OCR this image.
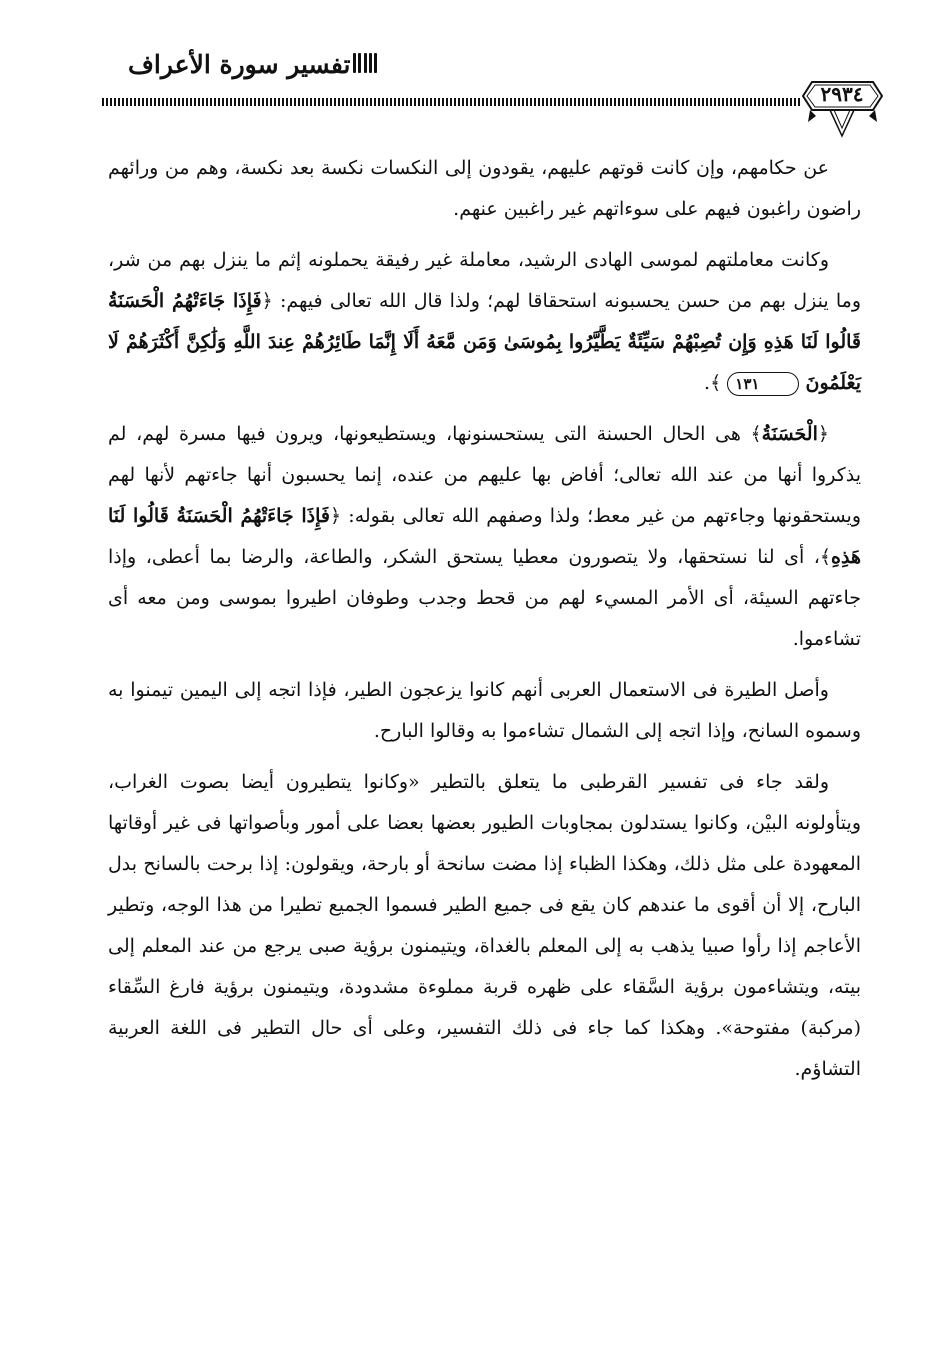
تفسير سورة الأعراف
٢٩٣٤

عن حكامهم، وإن كانت قوتهم عليهم، يقودون إلى النكسات نكسة بعد نكسة، وهم من ورائهم راضون راغبون فيهم على سوءاتهم غير راغبين عنهم.

وكانت معاملتهم لموسى الهادى الرشيد، معاملة غير رفيقة يحملونه إثم ما ينزل بهم من شر، وما ينزل بهم من حسن يحسبونه استحقاقا لهم؛ ولذا قال الله تعالى فيهم: ﴿فَإِذَا جَاءَتْهُمُ الْحَسَنَةُ قَالُوا لَنَا هَذِهِ وَإِن تُصِبْهُمْ سَيِّئَةٌ يَطَّيَّرُوا بِمُوسَىٰ وَمَن مَّعَهُ أَلَا إِنَّمَا طَائِرُهُمْ عِندَ اللَّهِ وَلَٰكِنَّ أَكْثَرَهُمْ لَا يَعْلَمُونَ ١٣١ ﴾.

﴿الْحَسَنَةُ﴾ هى الحال الحسنة التى يستحسنونها، ويستطيعونها، ويرون فيها مسرة لهم، لم يذكروا أنها من عند الله تعالى؛ أفاض بها عليهم من عنده، إنما يحسبون أنها جاءتهم لأنها لهم ويستحقونها وجاءتهم من غير معط؛ ولذا وصفهم الله تعالى بقوله: ﴿فَإِذَا جَاءَتْهُمُ الْحَسَنَةُ قَالُوا لَنَا هَذِهِ﴾، أى لنا نستحقها، ولا يتصورون معطيا يستحق الشكر، والطاعة، والرضا بما أعطى، وإذا جاءتهم السيئة، أى الأمر المسيء لهم من قحط وجدب وطوفان اطيروا بموسى ومن معه أى تشاءموا.

وأصل الطيرة فى الاستعمال العربى أنهم كانوا يزعجون الطير، فإذا اتجه إلى اليمين تيمنوا به وسموه السانح، وإذا اتجه إلى الشمال تشاءموا به وقالوا البارح.

ولقد جاء فى تفسير القرطبى ما يتعلق بالتطير «وكانوا يتطيرون أيضا بصوت الغراب، ويتأولونه البيْن، وكانوا يستدلون بمجاوبات الطيور بعضها بعضا على أمور وبأصواتها فى غير أوقاتها المعهودة على مثل ذلك، وهكذا الظباء إذا مضت سانحة أو بارحة، ويقولون: إذا برحت بالسانح بدل البارح، إلا أن أقوى ما عندهم كان يقع فى جميع الطير فسموا الجميع تطيرا من هذا الوجه، وتطير الأعاجم إذا رأوا صبيا يذهب به إلى المعلم بالغداة، ويتيمنون برؤية صبى يرجع من عند المعلم إلى بيته، ويتشاءمون برؤية السَّقاء على ظهره قربة مملوءة مشدودة، ويتيمنون برؤية فارغ السِّقاء (مركبة) مفتوحة». وهكذا كما جاء فى ذلك التفسير، وعلى أى حال التطير فى اللغة العربية التشاؤم.
